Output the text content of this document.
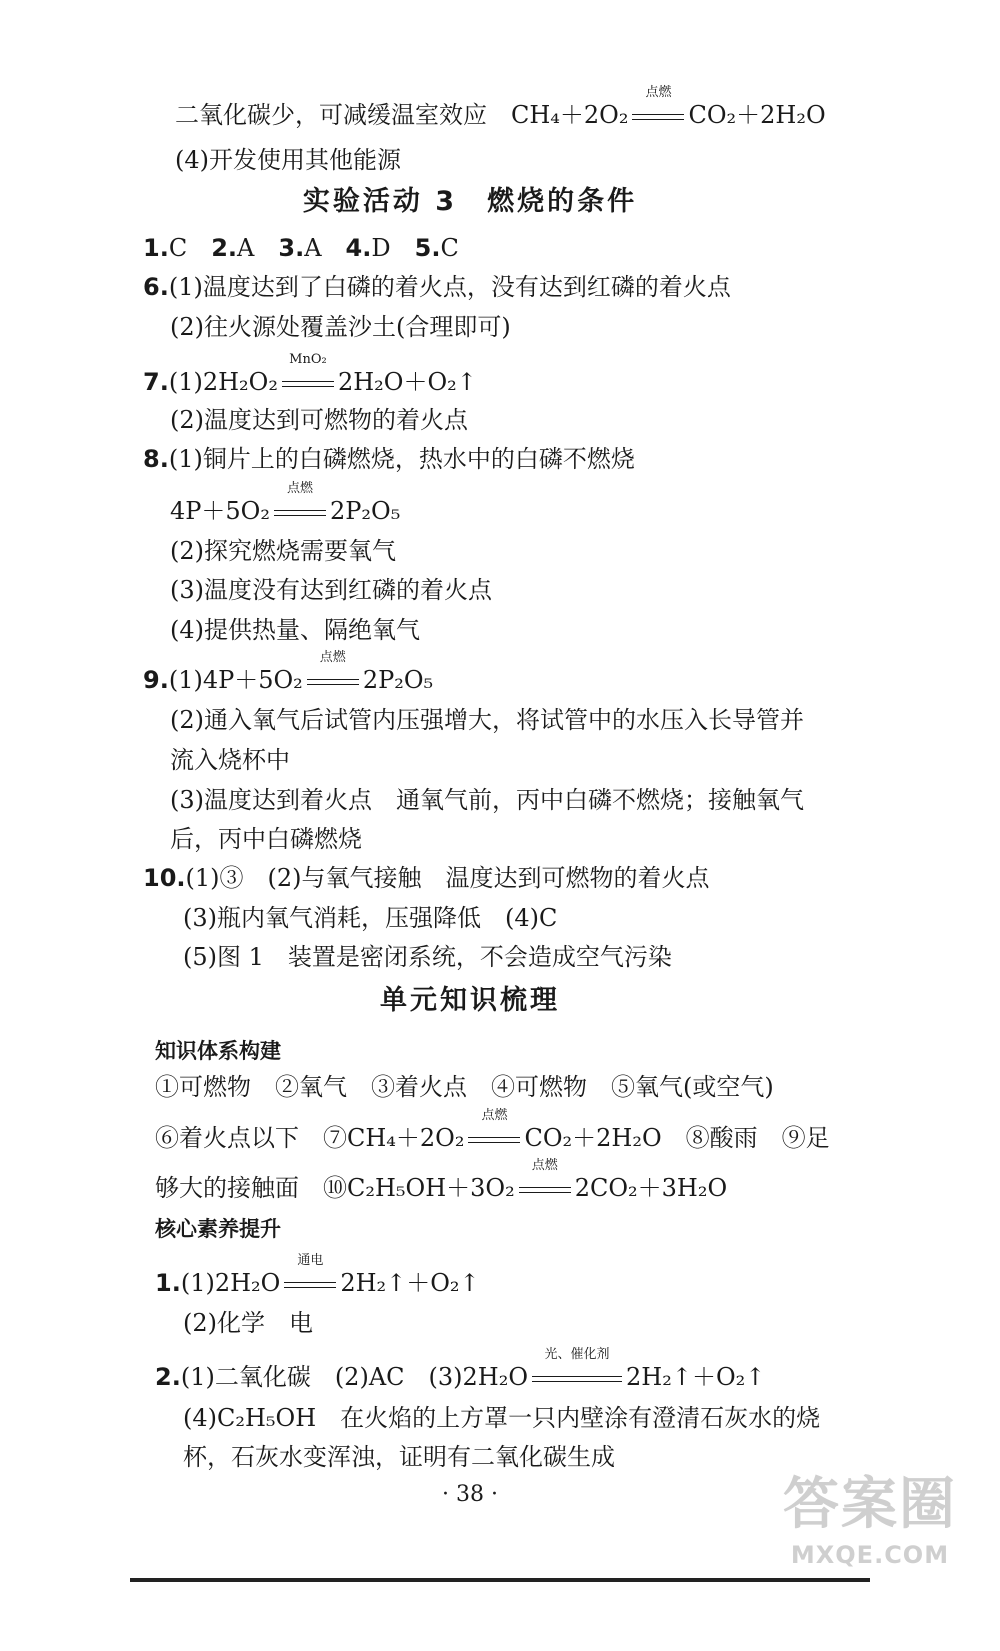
二氧化碳少，可减缓温室效应　CH₄＋2O₂
点燃
CO₂＋2H₂O
(4)开发使用其他能源
实验活动 3　燃烧的条件
1.C　2.A　3.A　4.D　5.C
6.(1)温度达到了白磷的着火点，没有达到红磷的着火点
(2)往火源处覆盖沙土(合理即可)
7.(1)2H₂O₂
MnO₂
2H₂O＋O₂↑
(2)温度达到可燃物的着火点
8.(1)铜片上的白磷燃烧，热水中的白磷不燃烧
4P＋5O₂
点燃
2P₂O₅
(2)探究燃烧需要氧气
(3)温度没有达到红磷的着火点
(4)提供热量、隔绝氧气
9.(1)4P＋5O₂
点燃
2P₂O₅
(2)通入氧气后试管内压强增大，将试管中的水压入长导管并
流入烧杯中
(3)温度达到着火点　通氧气前，丙中白磷不燃烧；接触氧气
后，丙中白磷燃烧
10.(1)③　(2)与氧气接触　温度达到可燃物的着火点
(3)瓶内氧气消耗，压强降低　(4)C
(5)图 1　装置是密闭系统，不会造成空气污染
单元知识梳理
知识体系构建
①可燃物　②氧气　③着火点　④可燃物　⑤氧气(或空气)
⑥着火点以下　⑦CH₄＋2O₂
点燃
CO₂＋2H₂O　⑧酸雨　⑨足
够大的接触面　⑩C₂H₅OH＋3O₂
点燃
2CO₂＋3H₂O
核心素养提升
1.(1)2H₂O
通电
2H₂↑＋O₂↑
(2)化学　电
2.(1)二氧化碳　(2)AC　(3)2H₂O
光、催化剂
2H₂↑＋O₂↑
(4)C₂H₅OH　在火焰的上方罩一只内壁涂有澄清石灰水的烧
杯，石灰水变浑浊，证明有二氧化碳生成
· 38 ·	答案圈
MXQE.COM
